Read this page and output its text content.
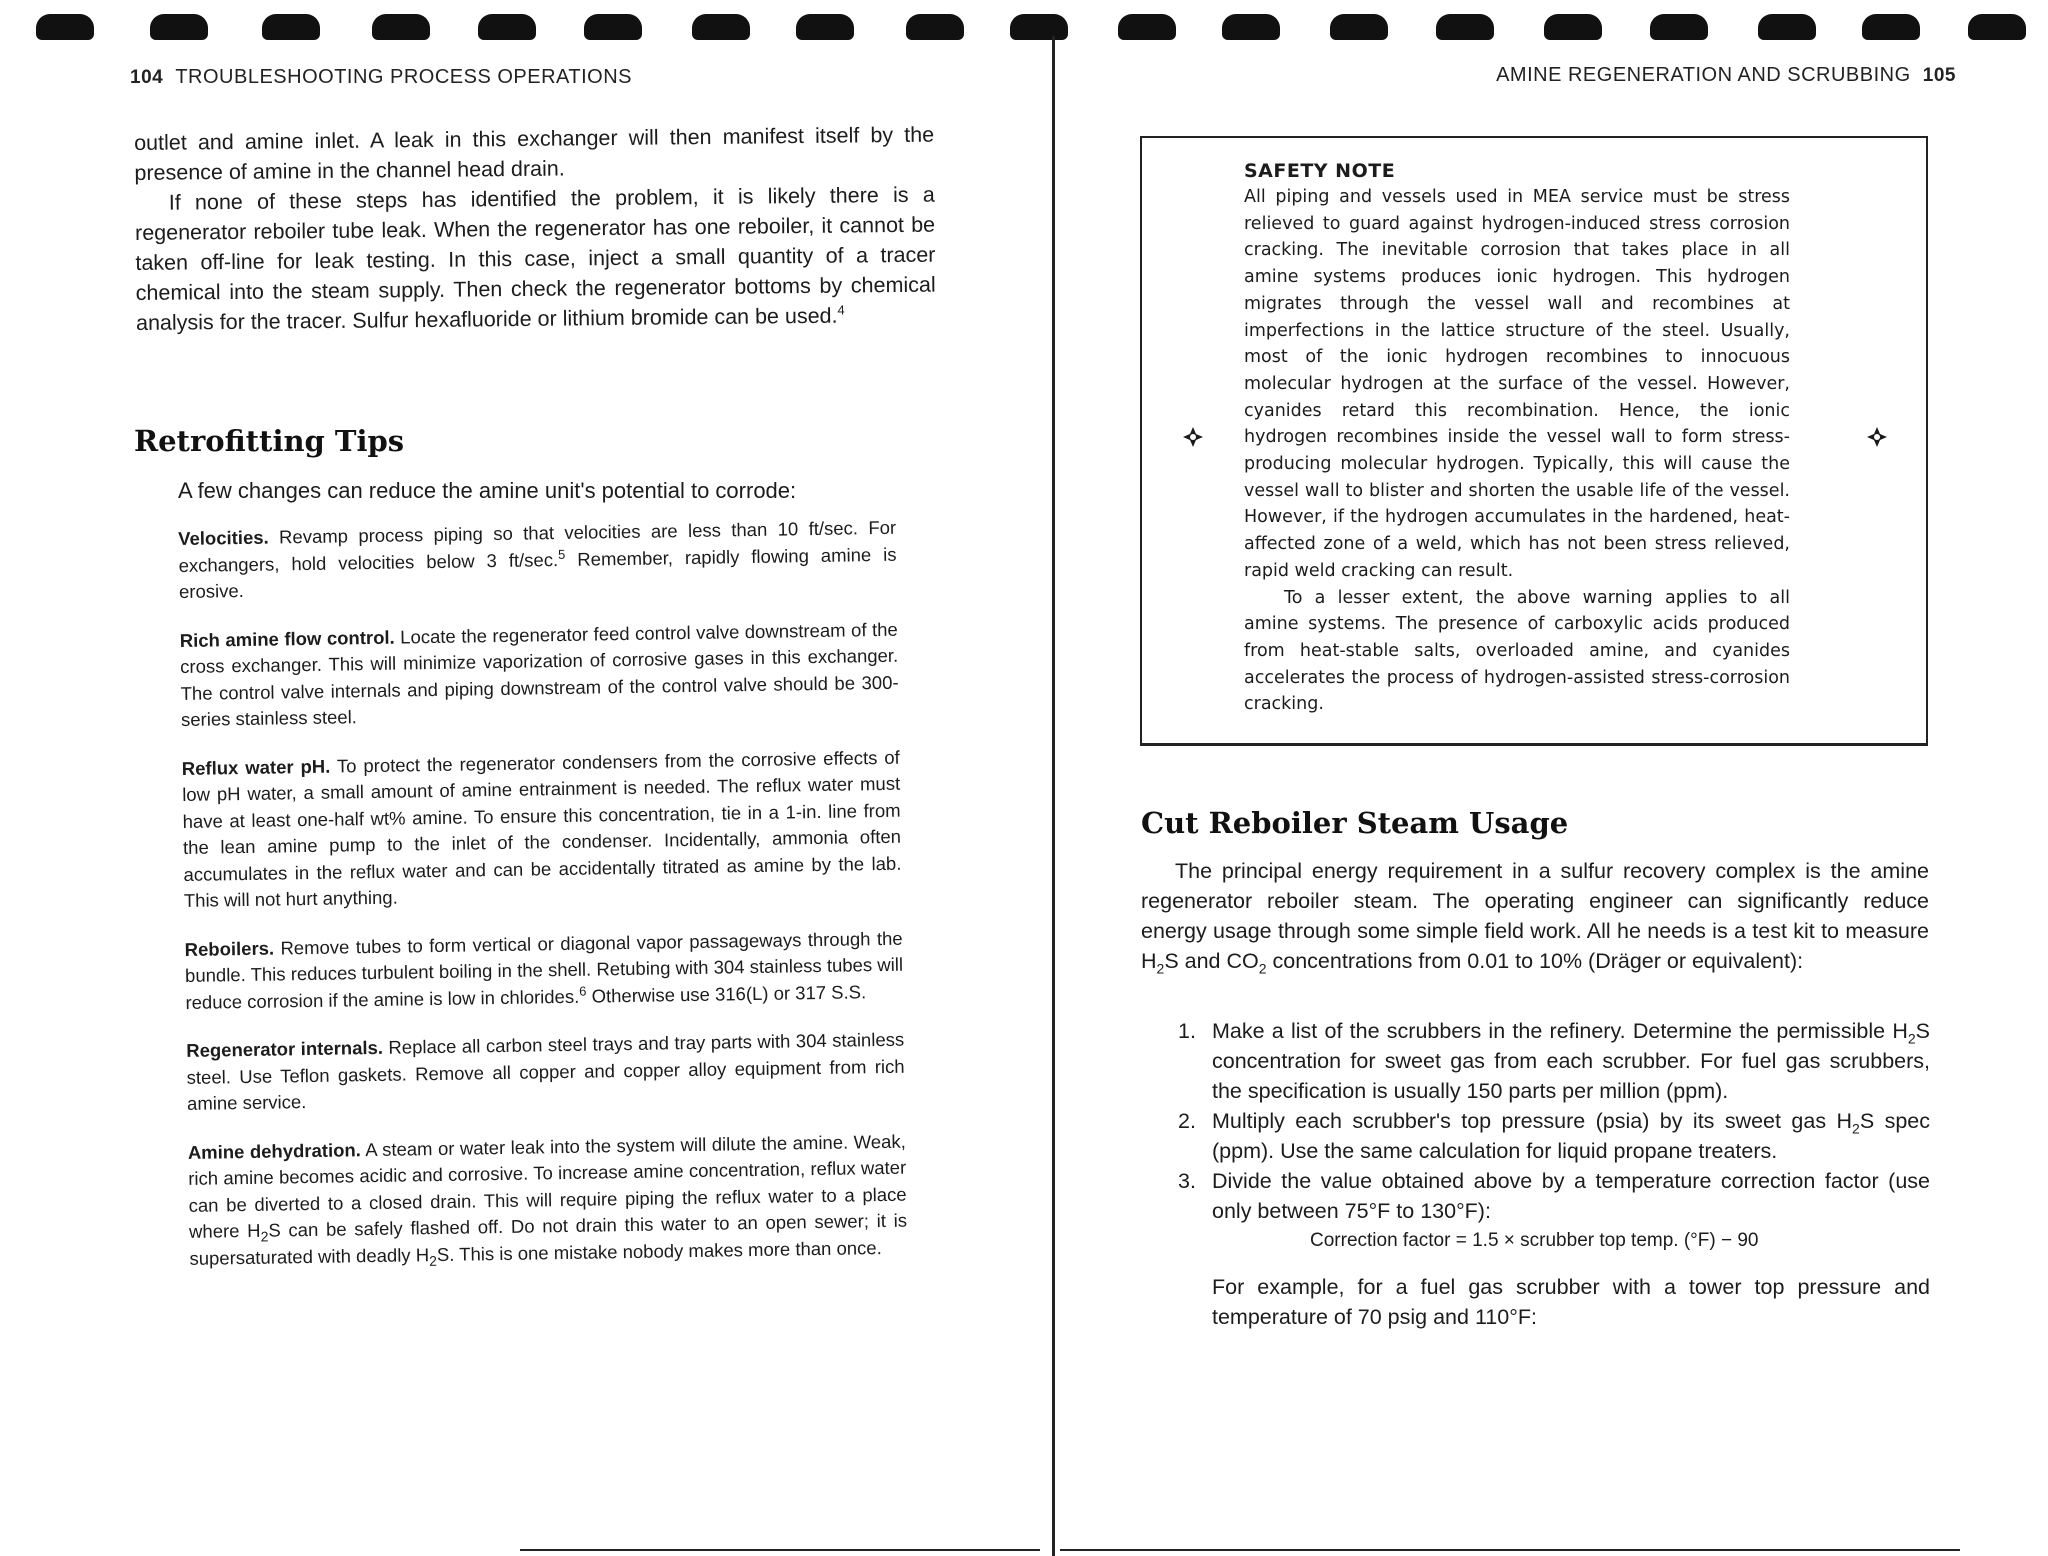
104 TROUBLESHOOTING PROCESS OPERATIONS

outlet and amine inlet. A leak in this exchanger will then manifest itself by the presence of amine in the channel head drain.

If none of these steps has identified the problem, it is likely there is a regenerator reboiler tube leak. When the regenerator has one reboiler, it cannot be taken off-line for leak testing. In this case, inject a small quantity of a tracer chemical into the steam supply. Then check the regenerator bottoms by chemical analysis for the tracer. Sulfur hexafluoride or lithium bromide can be used.$^4$

Retrofitting Tips

A few changes can reduce the amine unit's potential to corrode:

Velocities. Revamp process piping so that velocities are less than 10 ft/sec. For exchangers, hold velocities below 3 ft/sec.$^5$ Remember, rapidly flowing amine is erosive.

Rich amine flow control. Locate the regenerator feed control valve downstream of the cross exchanger. This will minimize vaporization of corrosive gases in this exchanger. The control valve internals and piping downstream of the control valve should be 300-series stainless steel.

Reflux water pH. To protect the regenerator condensers from the corrosive effects of low pH water, a small amount of amine entrainment is needed. The reflux water must have at least one-half wt% amine. To ensure this concentration, tie in a 1-in. line from the lean amine pump to the inlet of the condenser. Incidentally, ammonia often accumulates in the reflux water and can be accidentally titrated as amine by the lab. This will not hurt anything.

Reboilers. Remove tubes to form vertical or diagonal vapor passageways through the bundle. This reduces turbulent boiling in the shell. Retubing with 304 stainless tubes will reduce corrosion if the amine is low in chlorides.$^6$ Otherwise use 316(L) or 317 S.S.

Regenerator internals. Replace all carbon steel trays and tray parts with 304 stainless steel. Use Teflon gaskets. Remove all copper and copper alloy equipment from rich amine service.

Amine dehydration. A steam or water leak into the system will dilute the amine. Weak, rich amine becomes acidic and corrosive. To increase amine concentration, reflux water can be diverted to a closed drain. This will require piping the reflux water to a place where $H_2S$ can be safely flashed off. Do not drain this water to an open sewer; it is supersaturated with deadly $H_2S$. This is one mistake nobody makes more than once.

AMINE REGENERATION AND SCRUBBING 105

SAFETY NOTE

All piping and vessels used in MEA service must be stress relieved to guard against hydrogen-induced stress corrosion cracking. The inevitable corrosion that takes place in all amine systems produces ionic hydrogen. This hydrogen migrates through the vessel wall and recombines at imperfections in the lattice structure of the steel. Usually, most of the ionic hydrogen recombines to innocuous molecular hydrogen at the surface of the vessel. However, cyanides retard this recombination. Hence, the ionic hydrogen recombines inside the vessel wall to form stress-producing molecular hydrogen. Typically, this will cause the vessel wall to blister and shorten the usable life of the vessel. However, if the hydrogen accumulates in the hardened, heat-affected zone of a weld, which has not been stress relieved, rapid weld cracking can result.

To a lesser extent, the above warning applies to all amine systems. The presence of carboxylic acids produced from heat-stable salts, overloaded amine, and cyanides accelerates the process of hydrogen-assisted stress-corrosion cracking.

Cut Reboiler Steam Usage

The principal energy requirement in a sulfur recovery complex is the amine regenerator reboiler steam. The operating engineer can significantly reduce energy usage through some simple field work. All he needs is a test kit to measure $H_2S$ and $CO_2$ concentrations from 0.01 to 10% (Dräger or equivalent):

1. Make a list of the scrubbers in the refinery. Determine the permissible $H_2S$ concentration for sweet gas from each scrubber. For fuel gas scrubbers, the specification is usually 150 parts per million (ppm).
2. Multiply each scrubber's top pressure (psia) by its sweet gas $H_2S$ spec (ppm). Use the same calculation for liquid propane treaters.
3. Divide the value obtained above by a temperature correction factor (use only between 75°F to 130°F):
Correction factor = 1.5 × scrubber top temp. (°F) − 90

For example, for a fuel gas scrubber with a tower top pressure and temperature of 70 psig and 110°F:
